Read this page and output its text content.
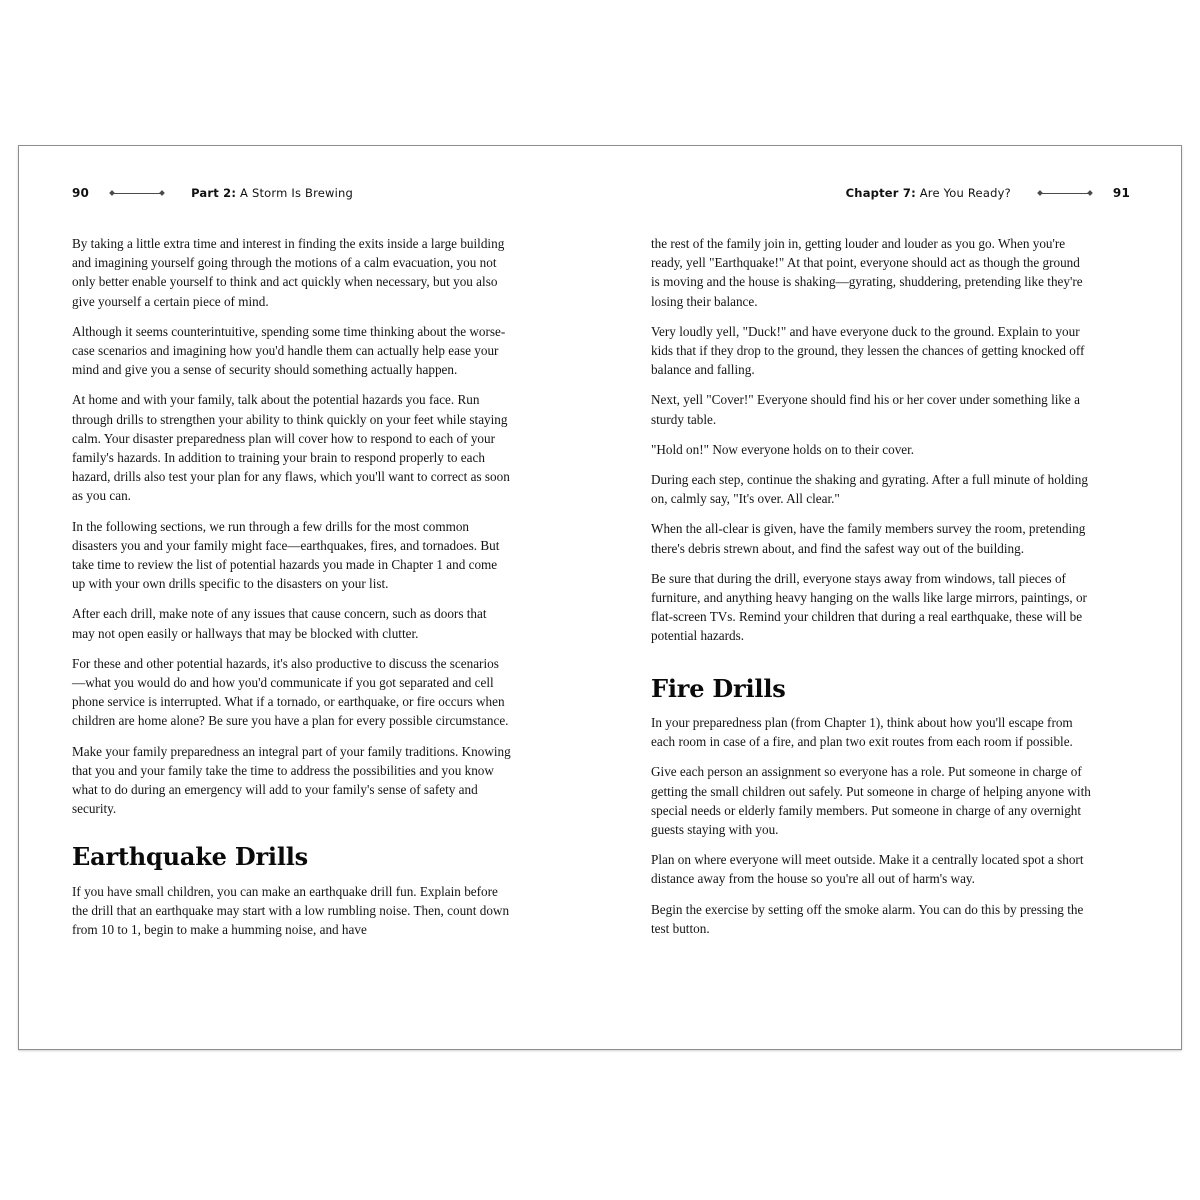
90	Part 2:
A Storm Is Brewing

By taking a little extra time and interest in finding the exits inside a large building and imagining yourself going through the motions of a calm evacuation, you not only better enable yourself to think and act quickly when necessary, but you also give yourself a certain piece of mind.

Although it seems counterintuitive, spending some time thinking about the worse-case scenarios and imagining how you'd handle them can actually help ease your mind and give you a sense of security should something actually happen.

At home and with your family, talk about the potential hazards you face. Run through drills to strengthen your ability to think quickly on your feet while staying calm. Your disaster preparedness plan will cover how to respond to each of your family's hazards. In addition to training your brain to respond properly to each hazard, drills also test your plan for any flaws, which you'll want to correct as soon as you can.

In the following sections, we run through a few drills for the most common disasters you and your family might face—earthquakes, fires, and tornadoes. But take time to review the list of potential hazards you made in Chapter 1 and come up with your own drills specific to the disasters on your list.

After each drill, make note of any issues that cause concern, such as doors that may not open easily or hallways that may be blocked with clutter.

For these and other potential hazards, it's also productive to discuss the scenarios—what you would do and how you'd communicate if you got separated and cell phone service is interrupted. What if a tornado, or earthquake, or fire occurs when children are home alone? Be sure you have a plan for every possible circumstance.

Make your family preparedness an integral part of your family traditions. Knowing that you and your family take the time to address the possibilities and you know what to do during an emergency will add to your family's sense of safety and security.

Earthquake Drills

If you have small children, you can make an earthquake drill fun. Explain before the drill that an earthquake may start with a low rumbling noise. Then, count down from 10 to 1, begin to make a humming noise, and have

Chapter 7:
Are You Ready?	91

the rest of the family join in, getting louder and louder as you go. When you're ready, yell "Earthquake!" At that point, everyone should act as though the ground is moving and the house is shaking—gyrating, shuddering, pretending like they're losing their balance.

Very loudly yell, "Duck!" and have everyone duck to the ground. Explain to your kids that if they drop to the ground, they lessen the chances of getting knocked off balance and falling.

Next, yell "Cover!" Everyone should find his or her cover under something like a sturdy table.

"Hold on!" Now everyone holds on to their cover.

During each step, continue the shaking and gyrating. After a full minute of holding on, calmly say, "It's over. All clear."

When the all-clear is given, have the family members survey the room, pretending there's debris strewn about, and find the safest way out of the building.

Be sure that during the drill, everyone stays away from windows, tall pieces of furniture, and anything heavy hanging on the walls like large mirrors, paintings, or flat-screen TVs. Remind your children that during a real earthquake, these will be potential hazards.

Fire Drills

In your preparedness plan (from Chapter 1), think about how you'll escape from each room in case of a fire, and plan two exit routes from each room if possible.

Give each person an assignment so everyone has a role. Put someone in charge of getting the small children out safely. Put someone in charge of helping anyone with special needs or elderly family members. Put someone in charge of any overnight guests staying with you.

Plan on where everyone will meet outside. Make it a centrally located spot a short distance away from the house so you're all out of harm's way.

Begin the exercise by setting off the smoke alarm. You can do this by pressing the test button.
